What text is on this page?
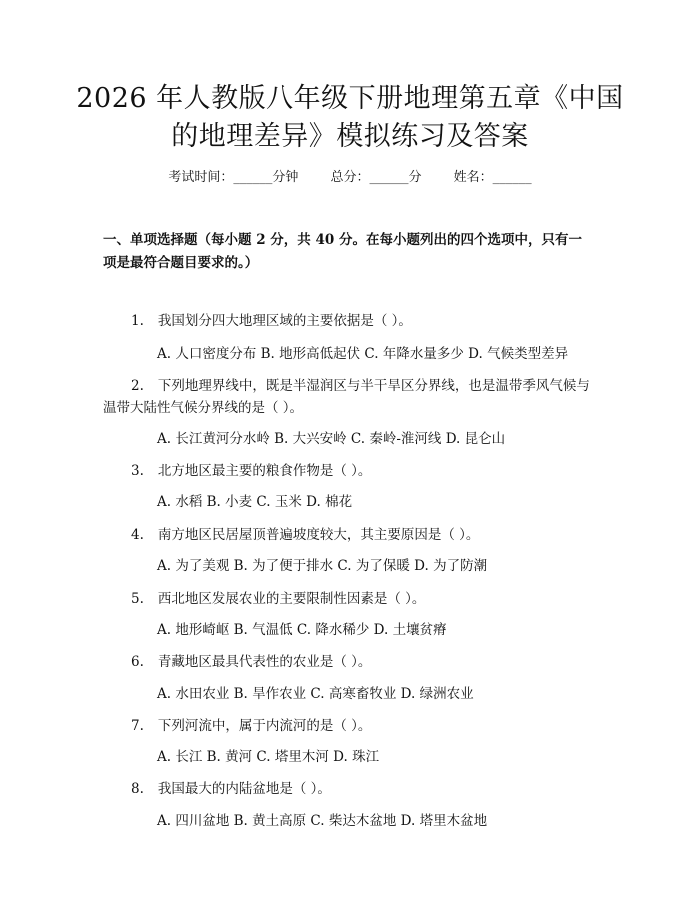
2026 年人教版八年级下册地理第五章《中国
的地理差异》模拟练习及答案
考试时间：______分钟 总分：______分 姓名：______

一、单项选择题（每小题 2 分，共 40 分。在每小题列出的四个选项中，只有一项是最符合题目要求的。）

1. 我国划分四大地理区域的主要依据是（ ）。

A. 人口密度分布 B. 地形高低起伏 C. 年降水量多少 D. 气候类型差异

2. 下列地理界线中，既是半湿润区与半干旱区分界线，也是温带季风气候与温带大陆性气候分界线的是（ ）。

A. 长江黄河分水岭 B. 大兴安岭 C. 秦岭-淮河线 D. 昆仑山

3. 北方地区最主要的粮食作物是（ ）。

A. 水稻 B. 小麦 C. 玉米 D. 棉花

4. 南方地区民居屋顶普遍坡度较大，其主要原因是（ ）。

A. 为了美观 B. 为了便于排水 C. 为了保暖 D. 为了防潮

5. 西北地区发展农业的主要限制性因素是（ ）。

A. 地形崎岖 B. 气温低 C. 降水稀少 D. 土壤贫瘠

6. 青藏地区最具代表性的农业是（ ）。

A. 水田农业 B. 旱作农业 C. 高寒畜牧业 D. 绿洲农业

7. 下列河流中，属于内流河的是（ ）。

A. 长江 B. 黄河 C. 塔里木河 D. 珠江

8. 我国最大的内陆盆地是（ ）。

A. 四川盆地 B. 黄土高原 C. 柴达木盆地 D. 塔里木盆地
